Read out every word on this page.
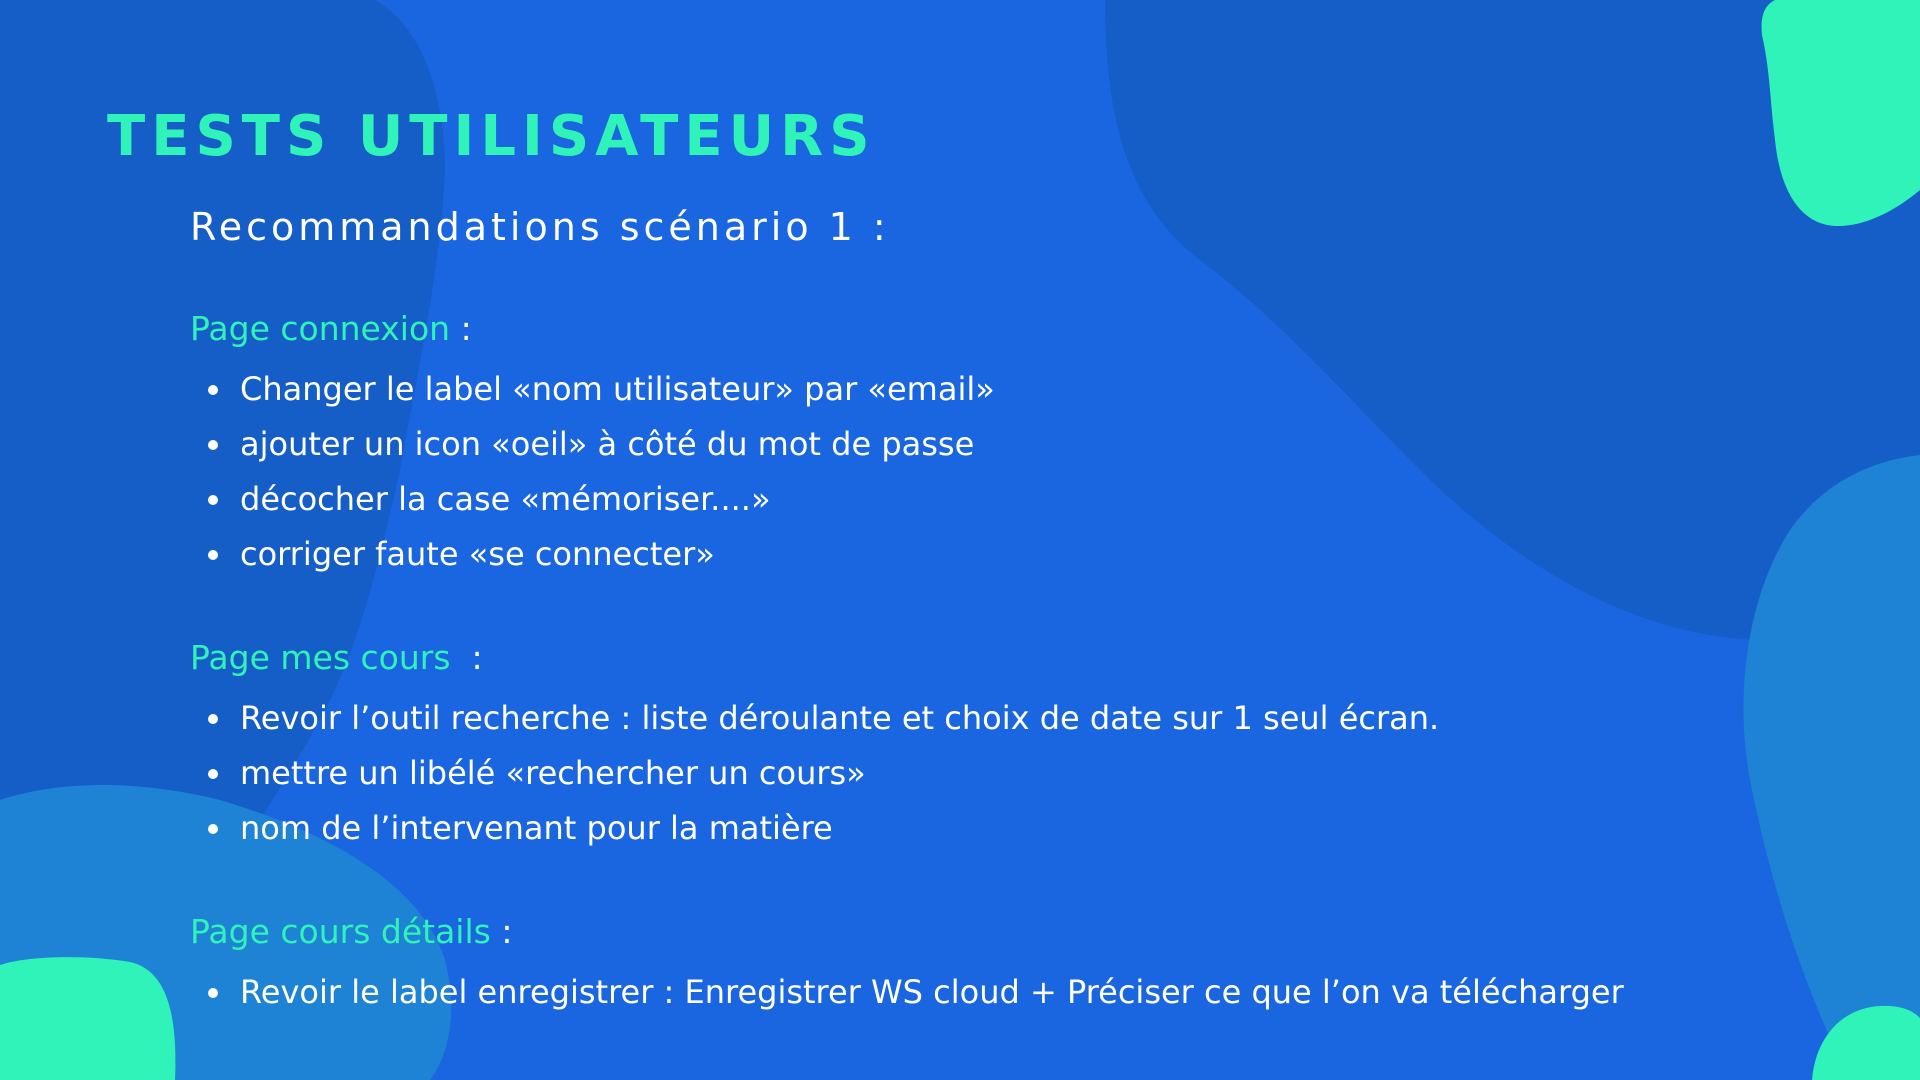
TESTS UTILISATEURS
Recommandations scénario 1 :

Page connexion :

Changer le label «nom utilisateur» par «email»
ajouter un icon «oeil» à côté du mot de passe
décocher la case «mémoriser....»
corriger faute «se connecter»

Page mes cours  :

Revoir l’outil recherche : liste déroulante et choix de date sur 1 seul écran.
mettre un libélé «rechercher un cours»
nom de l’intervenant pour la matière

Page cours détails :

Revoir le label enregistrer : Enregistrer WS cloud + Préciser ce que l’on va télécharger
